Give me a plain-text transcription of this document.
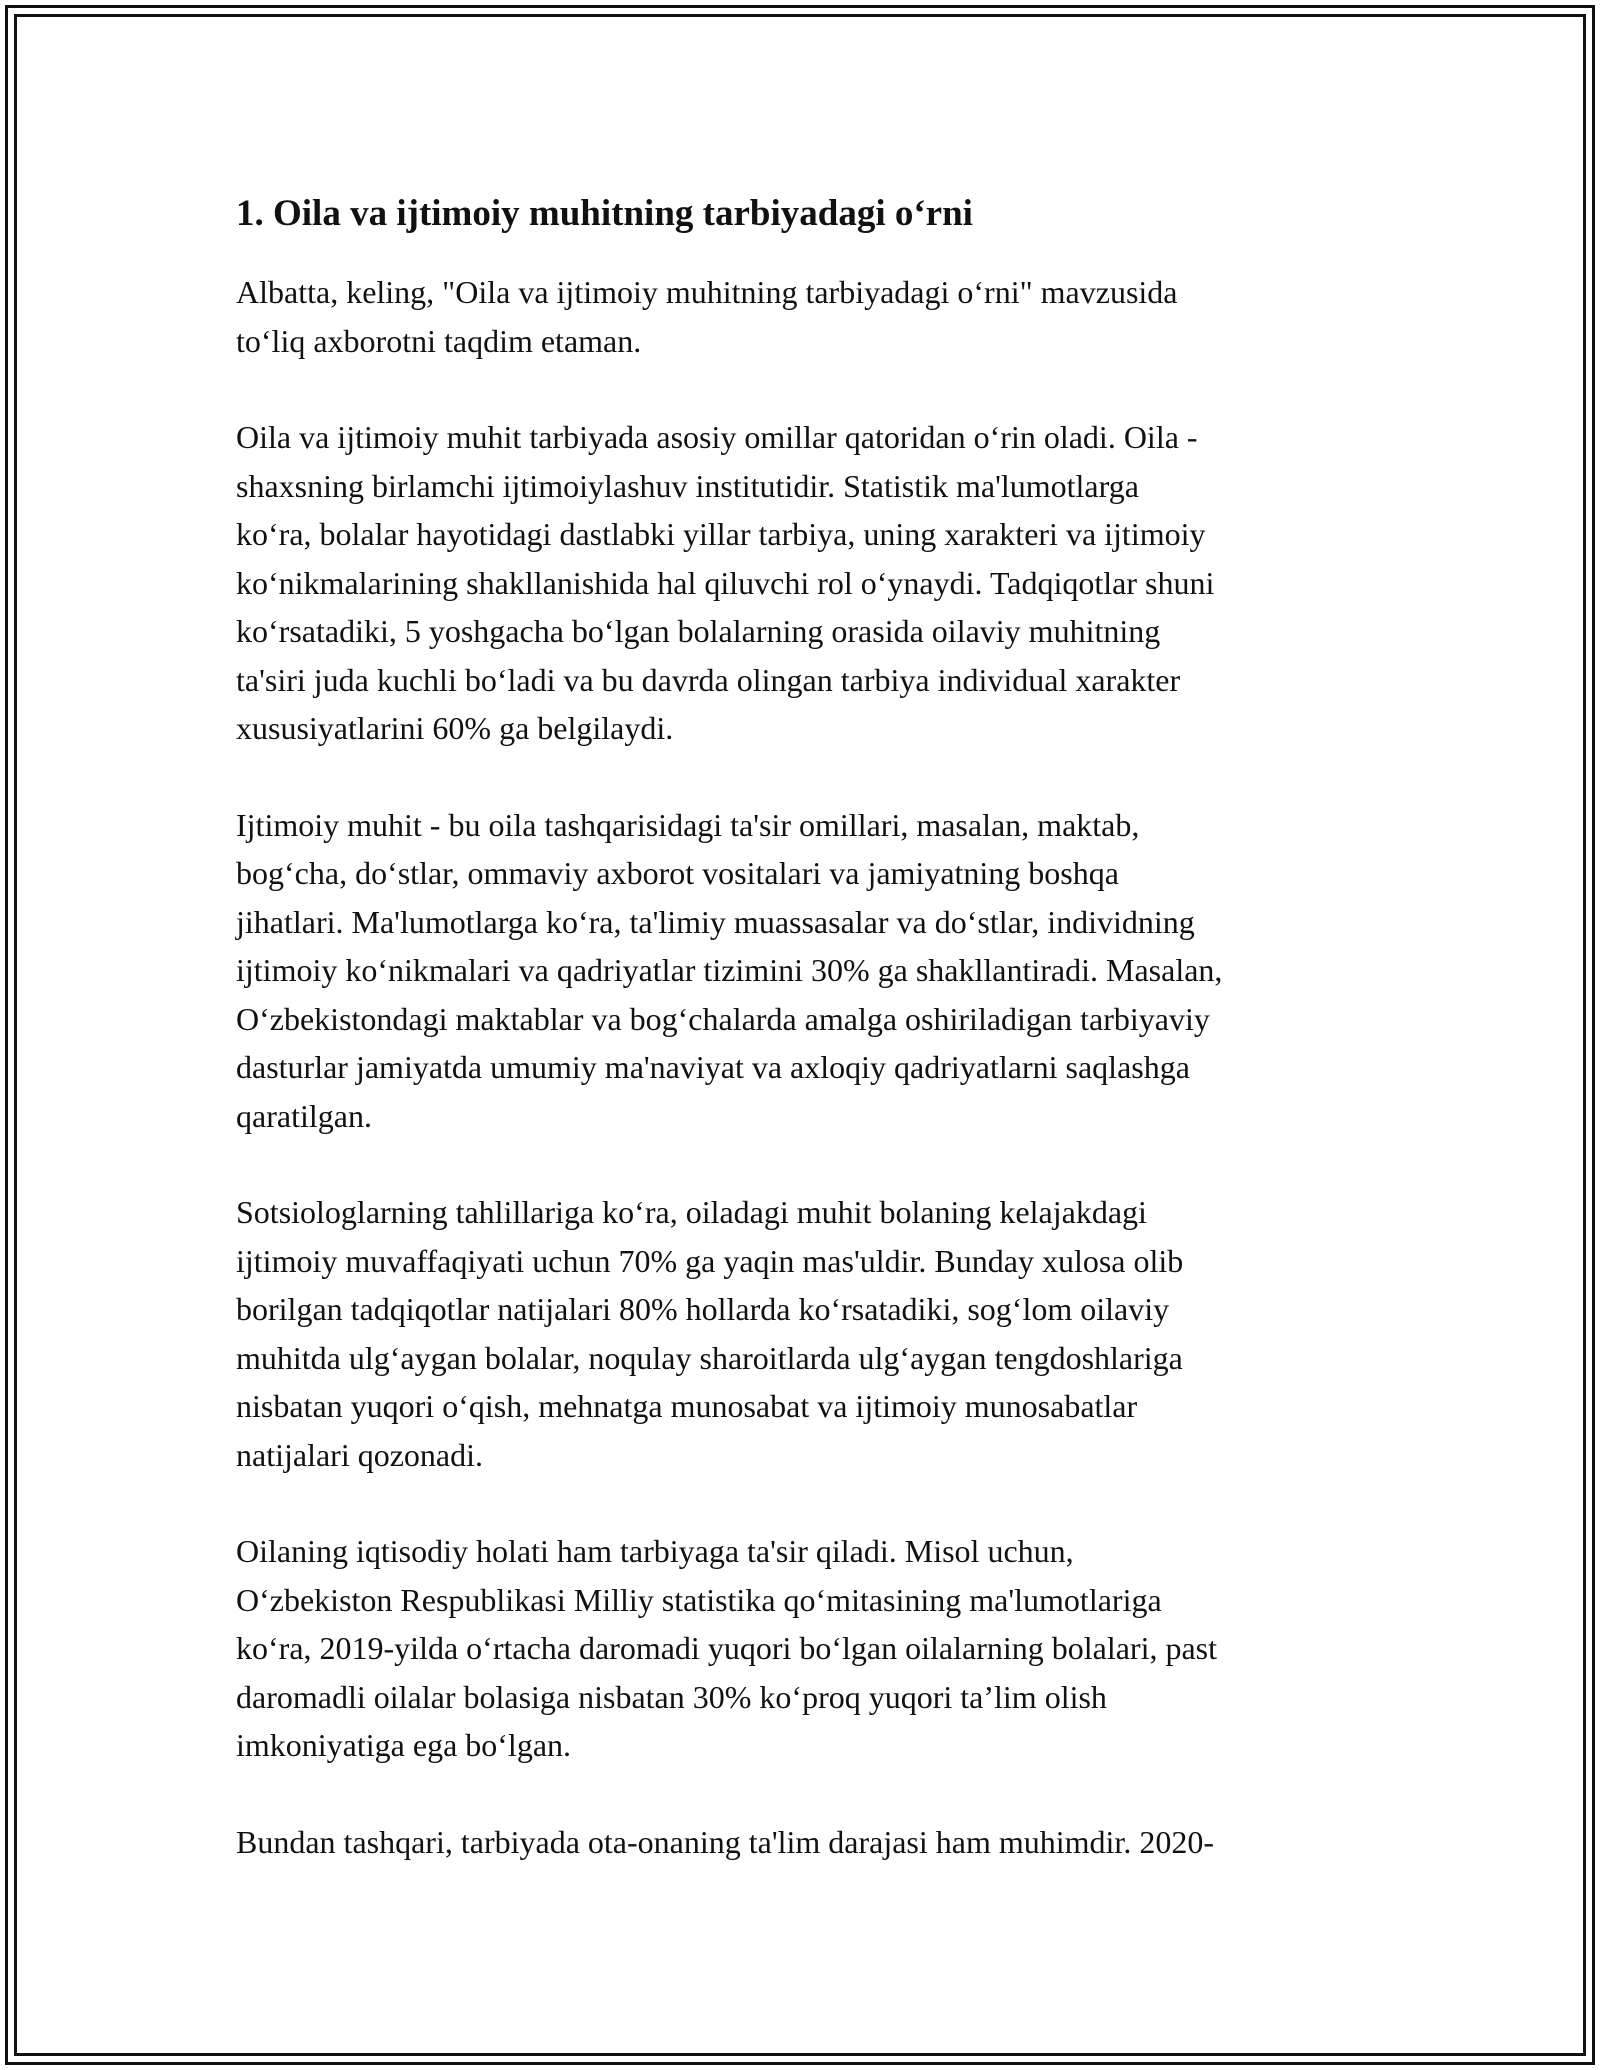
1. Oila va ijtimoiy muhitning tarbiyadagi o‘rni

Albatta, keling, "Oila va ijtimoiy muhitning tarbiyadagi o‘rni" mavzusida
to‘liq axborotni taqdim etaman.

Oila va ijtimoiy muhit tarbiyada asosiy omillar qatoridan o‘rin oladi. Oila -
shaxsning birlamchi ijtimoiylashuv institutidir. Statistik ma'lumotlarga
ko‘ra, bolalar hayotidagi dastlabki yillar tarbiya, uning xarakteri va ijtimoiy
ko‘nikmalarining shakllanishida hal qiluvchi rol o‘ynaydi. Tadqiqotlar shuni
ko‘rsatadiki, 5 yoshgacha bo‘lgan bolalarning orasida oilaviy muhitning
ta'siri juda kuchli bo‘ladi va bu davrda olingan tarbiya individual xarakter
xususiyatlarini 60% ga belgilaydi.

Ijtimoiy muhit - bu oila tashqarisidagi ta'sir omillari, masalan, maktab,
bog‘cha, do‘stlar, ommaviy axborot vositalari va jamiyatning boshqa
jihatlari. Ma'lumotlarga ko‘ra, ta'limiy muassasalar va do‘stlar, individning
ijtimoiy ko‘nikmalari va qadriyatlar tizimini 30% ga shakllantiradi. Masalan,
O‘zbekistondagi maktablar va bog‘chalarda amalga oshiriladigan tarbiyaviy
dasturlar jamiyatda umumiy ma'naviyat va axloqiy qadriyatlarni saqlashga
qaratilgan.

Sotsiologlarning tahlillariga ko‘ra, oiladagi muhit bolaning kelajakdagi
ijtimoiy muvaffaqiyati uchun 70% ga yaqin mas'uldir. Bunday xulosa olib
borilgan tadqiqotlar natijalari 80% hollarda ko‘rsatadiki, sog‘lom oilaviy
muhitda ulg‘aygan bolalar, noqulay sharoitlarda ulg‘aygan tengdoshlariga
nisbatan yuqori o‘qish, mehnatga munosabat va ijtimoiy munosabatlar
natijalari qozonadi.

Oilaning iqtisodiy holati ham tarbiyaga ta'sir qiladi. Misol uchun,
O‘zbekiston Respublikasi Milliy statistika qo‘mitasining ma'lumotlariga
ko‘ra, 2019-yilda o‘rtacha daromadi yuqori bo‘lgan oilalarning bolalari, past
daromadli oilalar bolasiga nisbatan 30% ko‘proq yuqori ta’lim olish
imkoniyatiga ega bo‘lgan.

Bundan tashqari, tarbiyada ota-onaning ta'lim darajasi ham muhimdir. 2020-
